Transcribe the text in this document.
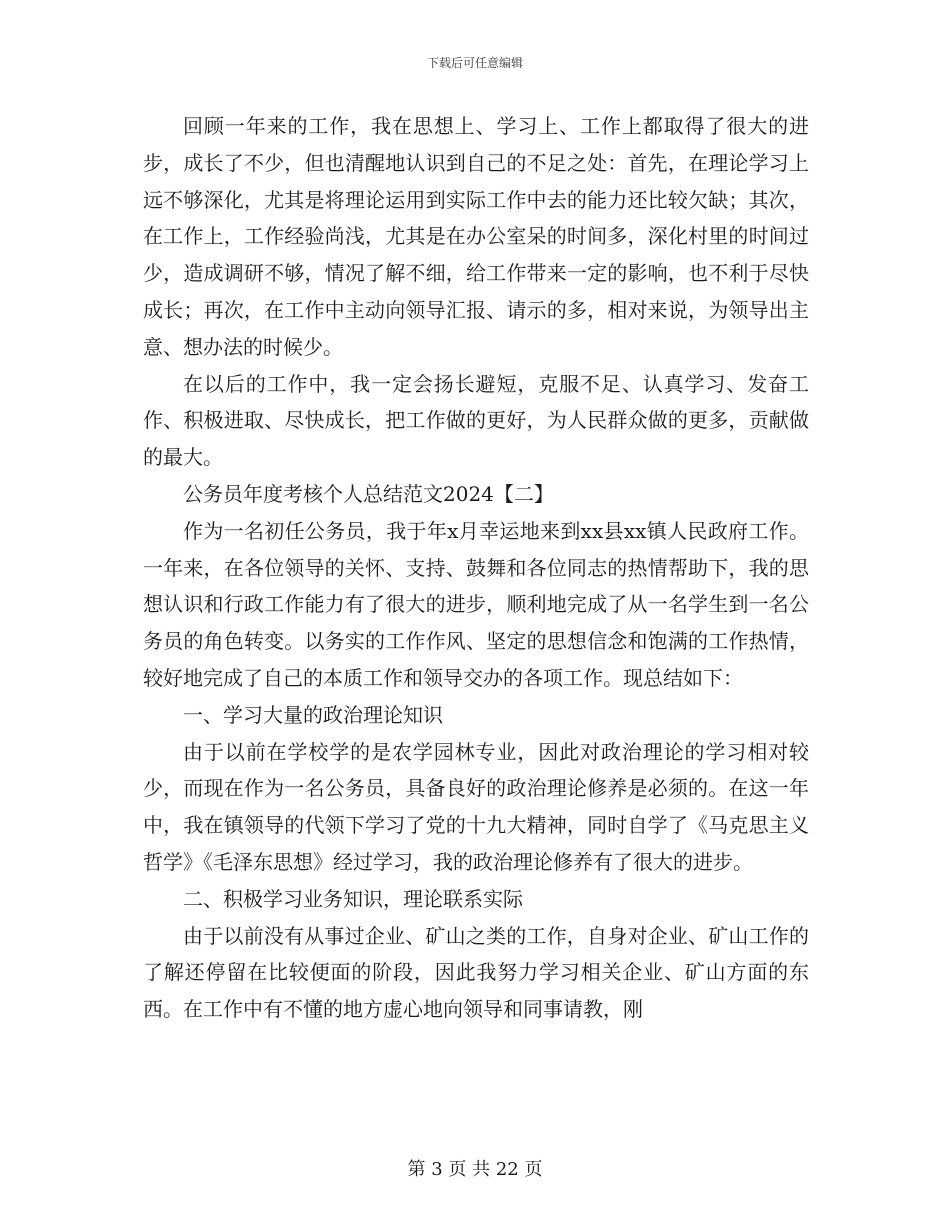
下载后可任意编辑

回顾一年来的工作，我在思想上、学习上、工作上都取得了很大的进步，成长了不少，但也清醒地认识到自己的不足之处：首先，在理论学习上远不够深化，尤其是将理论运用到实际工作中去的能力还比较欠缺；其次，在工作上，工作经验尚浅，尤其是在办公室呆的时间多，深化村里的时间过少，造成调研不够，情况了解不细，给工作带来一定的影响，也不利于尽快成长；再次，在工作中主动向领导汇报、请示的多，相对来说，为领导出主意、想办法的时候少。

在以后的工作中，我一定会扬长避短，克服不足、认真学习、发奋工作、积极进取、尽快成长，把工作做的更好，为人民群众做的更多，贡献做的最大。

公务员年度考核个人总结范文2024【二】

作为一名初任公务员，我于年x月幸运地来到xx县xx镇人民政府工作。一年来，在各位领导的关怀、支持、鼓舞和各位同志的热情帮助下，我的思想认识和行政工作能力有了很大的进步，顺利地完成了从一名学生到一名公务员的角色转变。以务实的工作作风、坚定的思想信念和饱满的工作热情，较好地完成了自己的本质工作和领导交办的各项工作。现总结如下：

一、学习大量的政治理论知识

由于以前在学校学的是农学园林专业，因此对政治理论的学习相对较少，而现在作为一名公务员，具备良好的政治理论修养是必须的。在这一年中，我在镇领导的代领下学习了党的十九大精神，同时自学了《马克思主义哲学》《毛泽东思想》经过学习，我的政治理论修养有了很大的进步。

二、积极学习业务知识，理论联系实际

由于以前没有从事过企业、矿山之类的工作，自身对企业、矿山工作的了解还停留在比较便面的阶段，因此我努力学习相关企业、矿山方面的东西。在工作中有不懂的地方虚心地向领导和同事请教，刚

第 3 页 共 22 页
